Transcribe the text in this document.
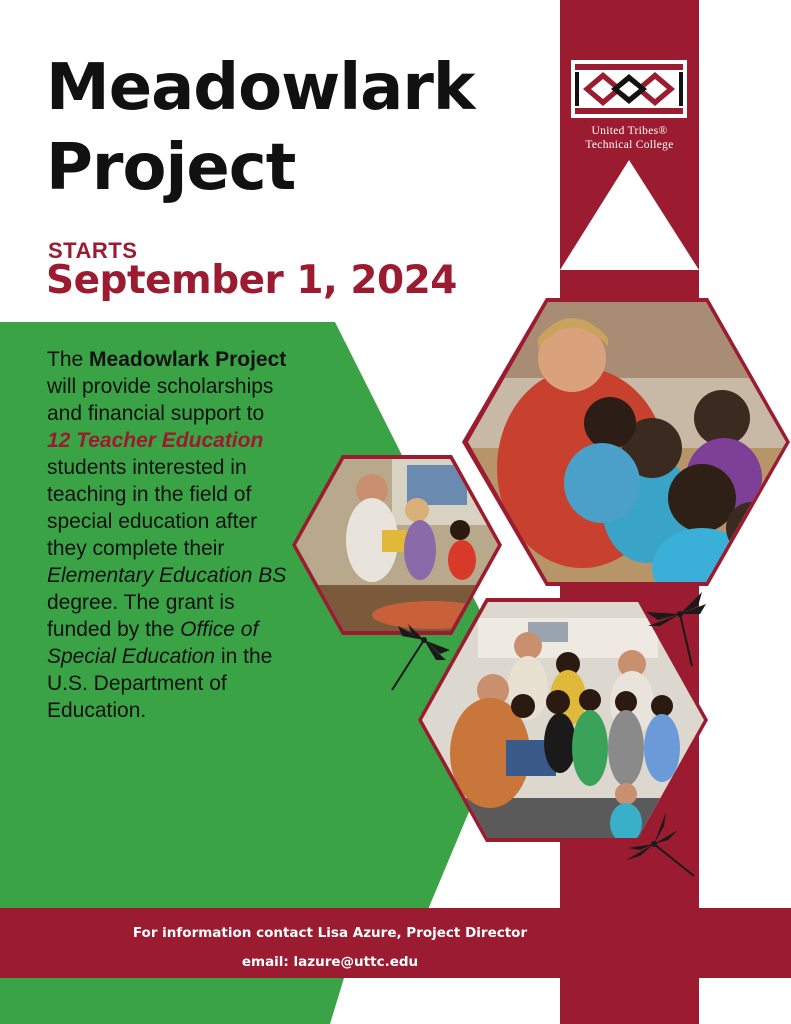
United Tribes®
Technical College
Meadowlark
Project
STARTS
September 1, 2024

The Meadowlark Project will provide scholarships and financial support to 12 Teacher Education students interested in teaching in the field of special education after they complete their Elementary Education BS degree. The grant is funded by the Office of Special Education in the U.S. Department of Education.

For information contact Lisa Azure, Project Director
email: lazure@uttc.edu
